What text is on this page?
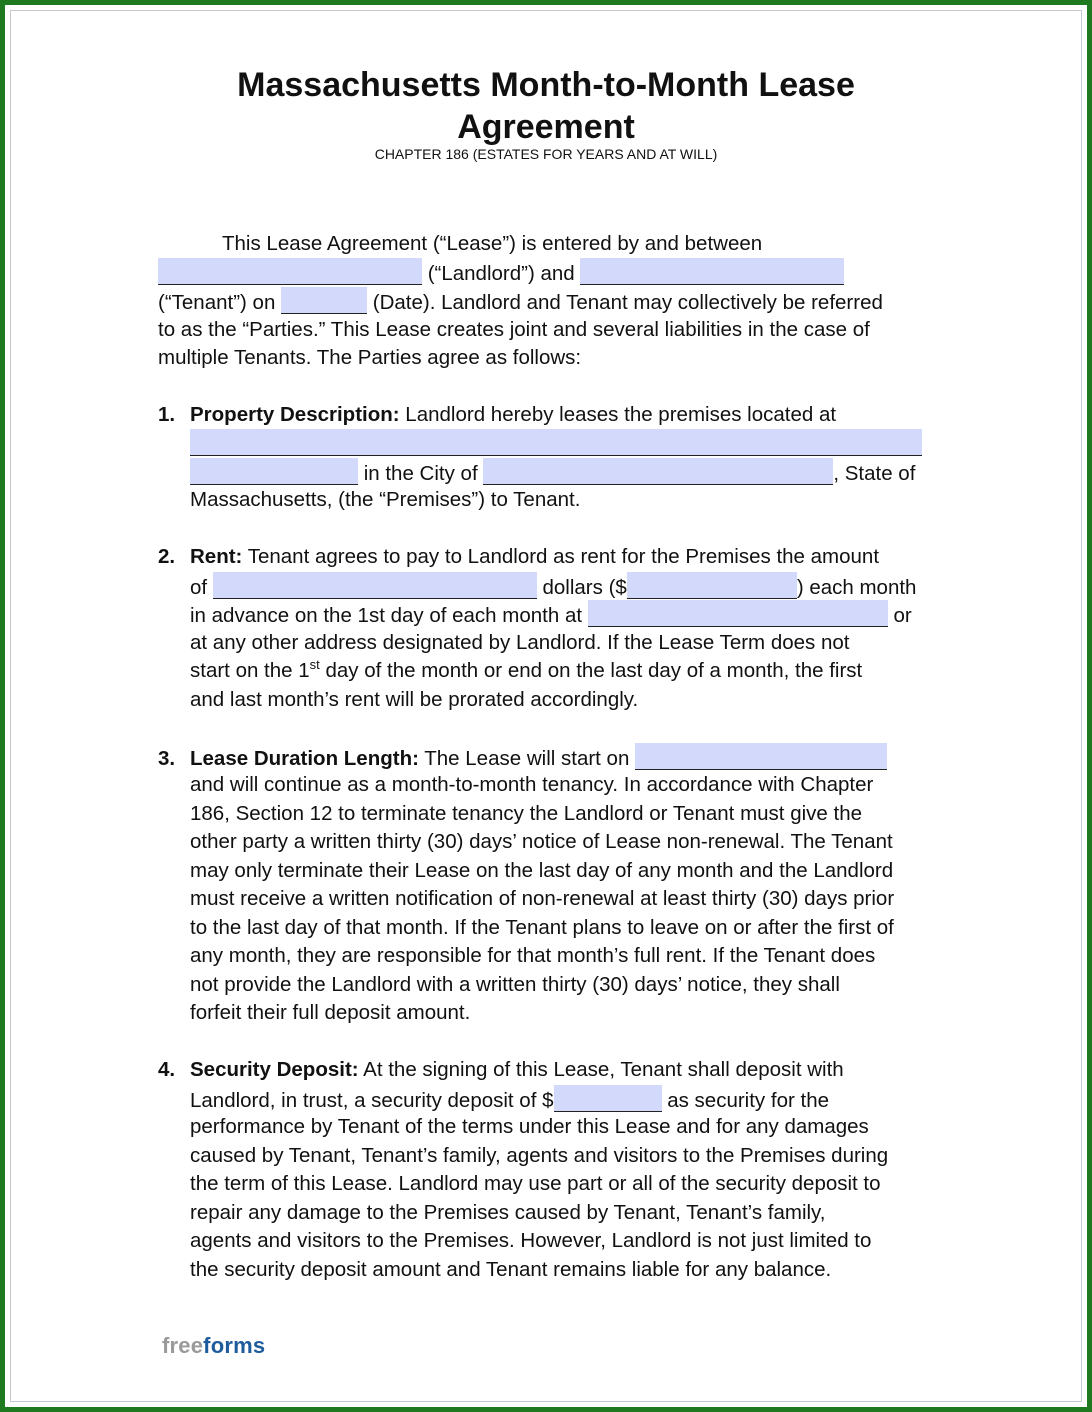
Massachusetts Month-to-Month Lease
Agreement
CHAPTER 186 (ESTATES FOR YEARS AND AT WILL)
This Lease Agreement (“Lease”) is entered by and between
(“Landlord”) and
(“Tenant”) on	(Date). Landlord and Tenant may collectively be referred
to as the “Parties.” This Lease creates joint and several liabilities in the case of
multiple Tenants. The Parties agree as follows:
1. Property Description: Landlord hereby leases the premises located at
in the City of	, State of
Massachusetts, (the “Premises”) to Tenant.
2. Rent: Tenant agrees to pay to Landlord as rent for the Premises the amount
of	dollars ($	) each month
in advance on the 1st day of each month at	or
at any other address designated by Landlord. If the Lease Term does not
start on the 1st day of the month or end on the last day of a month, the first
and last month’s rent will be prorated accordingly.
3. Lease Duration Length: The Lease will start on
and will continue as a month-to-month tenancy. In accordance with Chapter
186, Section 12 to terminate tenancy the Landlord or Tenant must give the
other party a written thirty (30) days’ notice of Lease non-renewal. The Tenant
may only terminate their Lease on the last day of any month and the Landlord
must receive a written notification of non-renewal at least thirty (30) days prior
to the last day of that month. If the Tenant plans to leave on or after the first of
any month, they are responsible for that month’s full rent. If the Tenant does
not provide the Landlord with a written thirty (30) days’ notice, they shall
forfeit their full deposit amount.
4. Security Deposit: At the signing of this Lease, Tenant shall deposit with
Landlord, in trust, a security deposit of $	as security for the
performance by Tenant of the terms under this Lease and for any damages
caused by Tenant, Tenant’s family, agents and visitors to the Premises during
the term of this Lease. Landlord may use part or all of the security deposit to
repair any damage to the Premises caused by Tenant, Tenant’s family,
agents and visitors to the Premises. However, Landlord is not just limited to
the security deposit amount and Tenant remains liable for any balance.
freeforms
